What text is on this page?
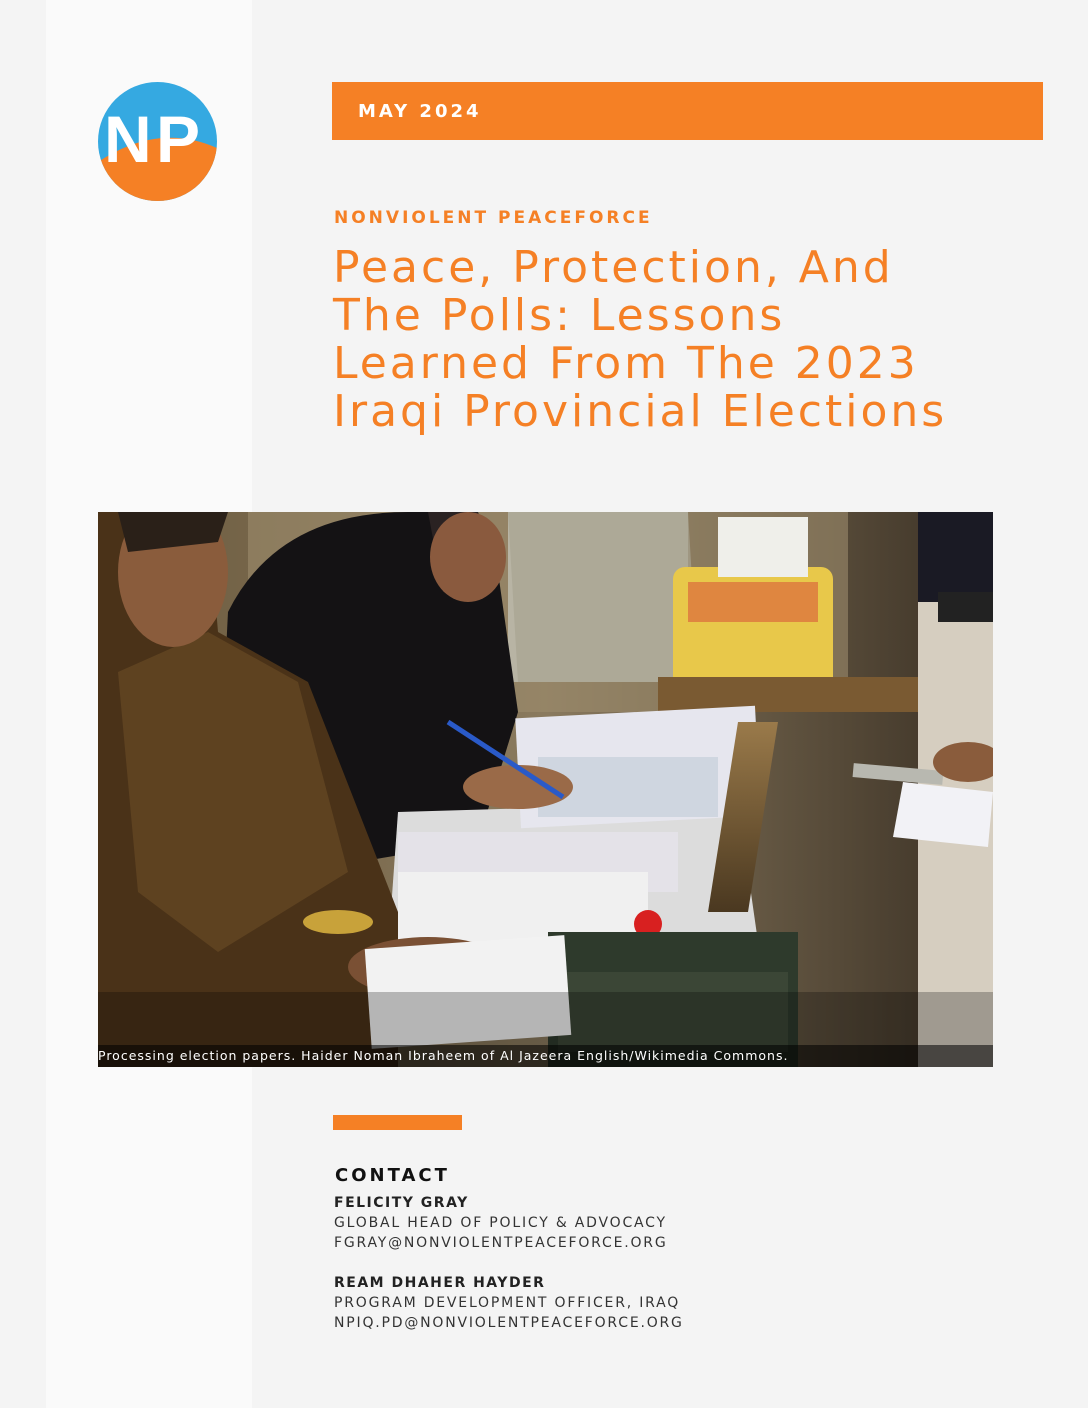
N P	MAY 2024
NONVIOLENT PEACEFORCE
Peace, Protection, And
The Polls: Lessons
Learned From The 2023
Iraqi Provincial Elections
Processing election papers. Haider Noman Ibraheem of Al Jazeera English/Wikimedia Commons.
CONTACT
FELICITY GRAY
GLOBAL HEAD OF POLICY & ADVOCACY
FGRAY@NONVIOLENTPEACEFORCE.ORG
REAM DHAHER HAYDER
PROGRAM DEVELOPMENT OFFICER, IRAQ
NPIQ.PD@NONVIOLENTPEACEFORCE.ORG
